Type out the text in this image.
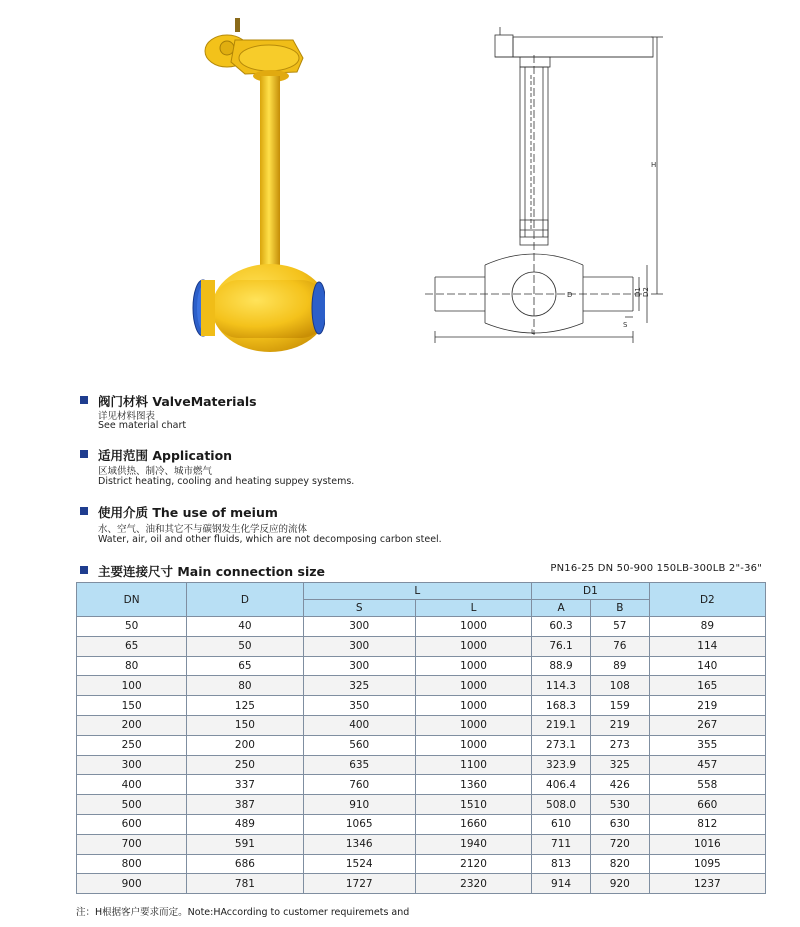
H
L
D	D1 D2
S
阀门材料 ValveMaterials
详见材料图表
See material chart
适用范围 Application
区域供热、制冷、城市燃气
District heating, cooling and heating suppey systems.
使用介质 The use of meium
水、空气、油和其它不与碳钢发生化学反应的流体
Water, air, oil and other fluids, which are not decomposing carbon steel.
主要连接尺寸 Main connection size	PN16-25 DN 50-900 150LB-300LB 2"-36"
DN	D	L		D1		D2
		S	L	A	B	
50	40	300	1000	60.3	57	89
65	50	300	1000	76.1	76	114
80	65	300	1000	88.9	89	140
100	80	325	1000	114.3	108	165
150	125	350	1000	168.3	159	219
200	150	400	1000	219.1	219	267
250	200	560	1000	273.1	273	355
300	250	635	1100	323.9	325	457
400	337	760	1360	406.4	426	558
500	387	910	1510	508.0	530	660
600	489	1065	1660	610	630	812
700	591	1346	1940	711	720	1016
800	686	1524	2120	813	820	1095
900	781	1727	2320	914	920	1237
注：H根据客户要求而定。Note:HAccording to customer requiremets and
